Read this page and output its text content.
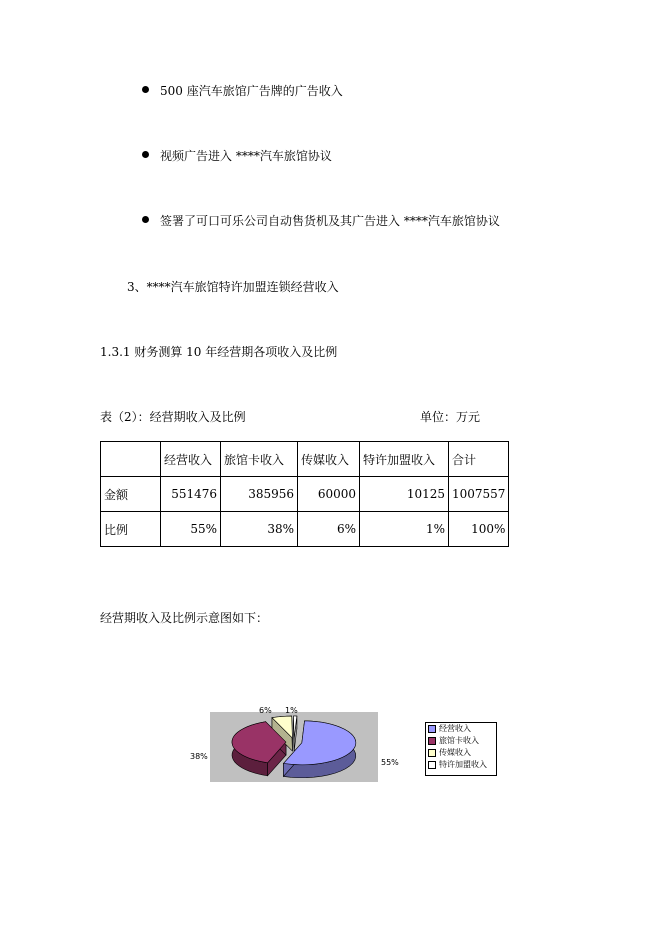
500 座汽车旅馆广告牌的广告收入
视频广告进入 ****汽车旅馆协议
签署了可口可乐公司自动售货机及其广告进入 ****汽车旅馆协议
3、****汽车旅馆特许加盟连锁经营收入
1.3.1 财务测算 10 年经营期各项收入及比例
表（2）：经营期收入及比例	单位：万元
	经营收入	旅馆卡收入	传媒收入	特许加盟收入	合计
金额	551476	385956	60000	10125	1007557
比例	55%	38%	6%	1%	100%
经营期收入及比例示意图如下：
38%
55%
6% 1%
经营收入
旅馆卡收入
传媒收入
特许加盟收入
